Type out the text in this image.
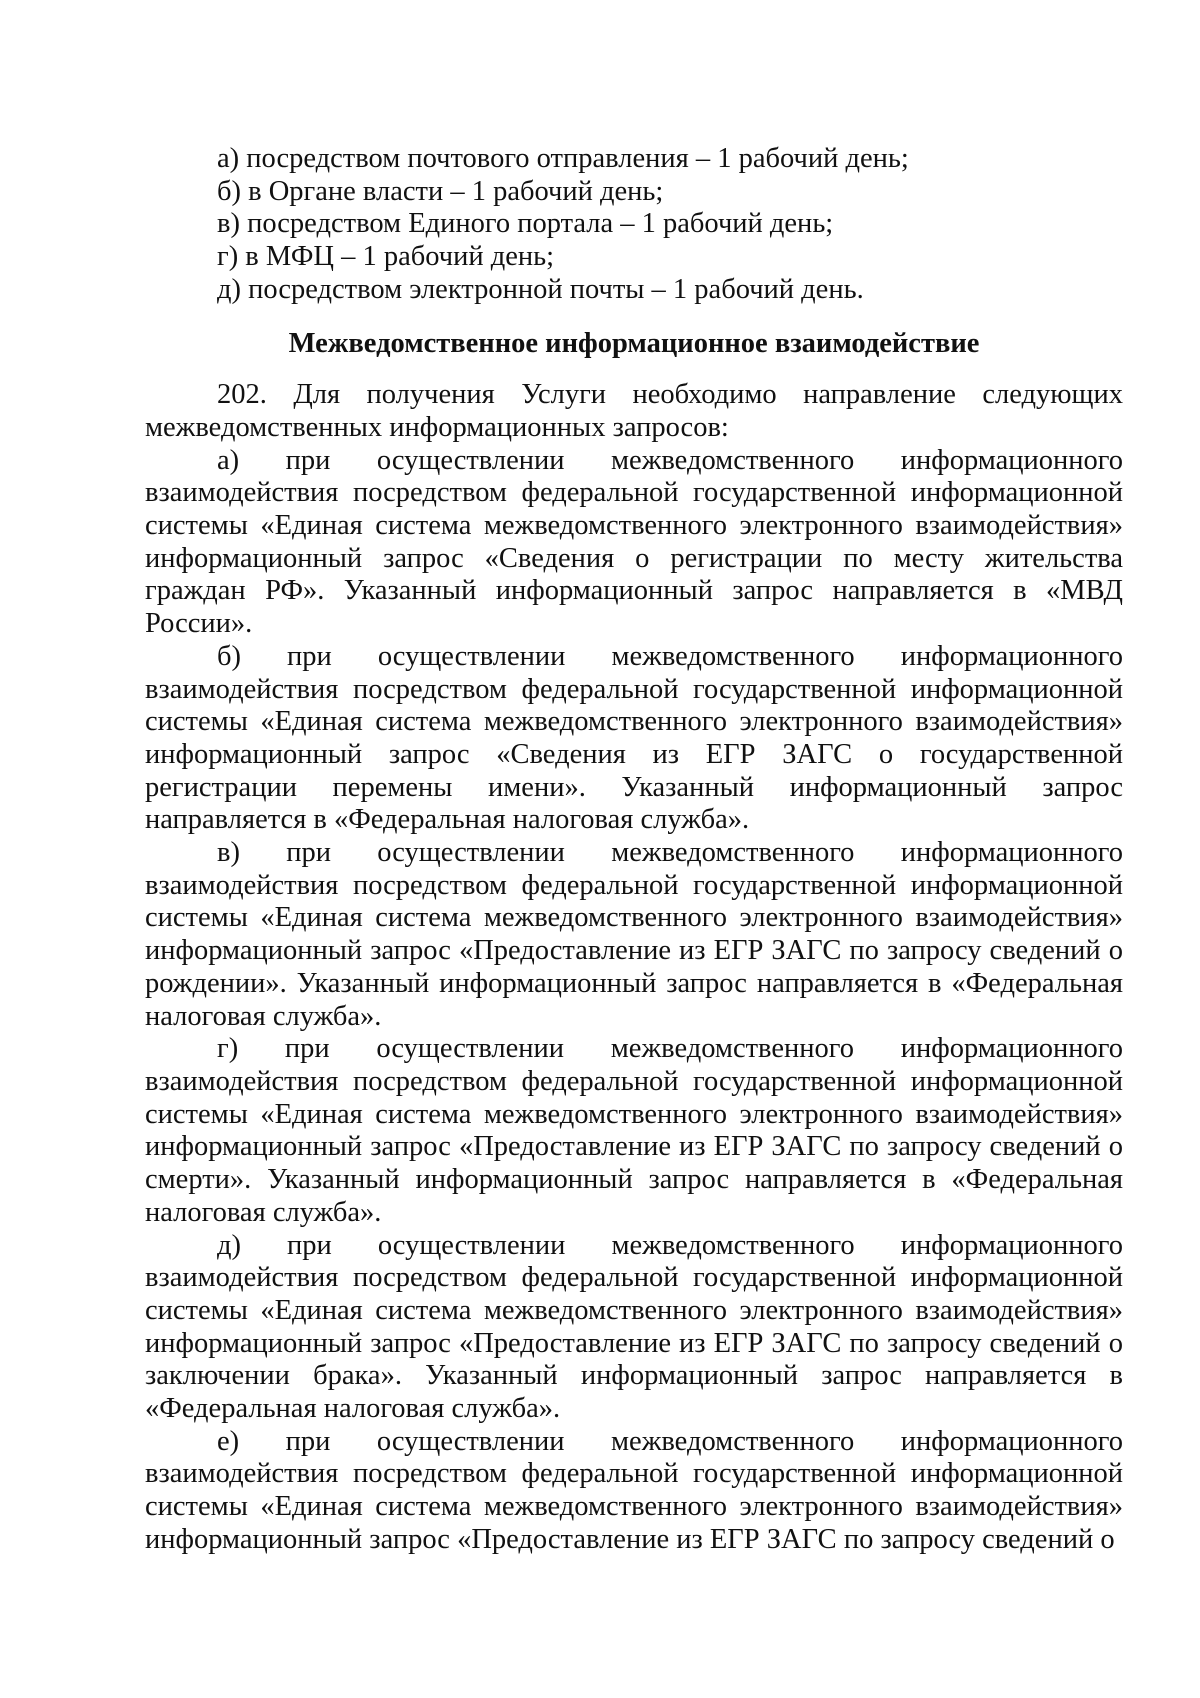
а) посредством почтового отправления – 1 рабочий день;

б) в Органе власти – 1 рабочий день;

в) посредством Единого портала – 1 рабочий день;

г) в МФЦ – 1 рабочий день;

д) посредством электронной почты – 1 рабочий день.

Межведомственное информационное взаимодействие

202. Для получения Услуги необходимо направление следующих межведомственных информационных запросов:

а) при осуществлении межведомственного информационного взаимодействия посредством федеральной государственной информационной системы «Единая система межведомственного электронного взаимодействия» информационный запрос «Сведения о регистрации по месту жительства граждан РФ». Указанный информационный запрос направляется в «МВД России».

б) при осуществлении межведомственного информационного взаимодействия посредством федеральной государственной информационной системы «Единая система межведомственного электронного взаимодействия» информационный запрос «Сведения из ЕГР ЗАГС о государственной регистрации перемены имени». Указанный информационный запрос направляется в «Федеральная налоговая служба».

в) при осуществлении межведомственного информационного взаимодействия посредством федеральной государственной информационной системы «Единая система межведомственного электронного взаимодействия» информационный запрос «Предоставление из ЕГР ЗАГС по запросу сведений о рождении». Указанный информационный запрос направляется в «Федеральная налоговая служба».

г) при осуществлении межведомственного информационного взаимодействия посредством федеральной государственной информационной системы «Единая система межведомственного электронного взаимодействия» информационный запрос «Предоставление из ЕГР ЗАГС по запросу сведений о смерти». Указанный информационный запрос направляется в «Федеральная налоговая служба».

д) при осуществлении межведомственного информационного взаимодействия посредством федеральной государственной информационной системы «Единая система межведомственного электронного взаимодействия» информационный запрос «Предоставление из ЕГР ЗАГС по запросу сведений о заключении брака». Указанный информационный запрос направляется в «Федеральная налоговая служба».

е) при осуществлении межведомственного информационного взаимодействия посредством федеральной государственной информационной системы «Единая система межведомственного электронного взаимодействия» информационный запрос «Предоставление из ЕГР ЗАГС по запросу сведений о
